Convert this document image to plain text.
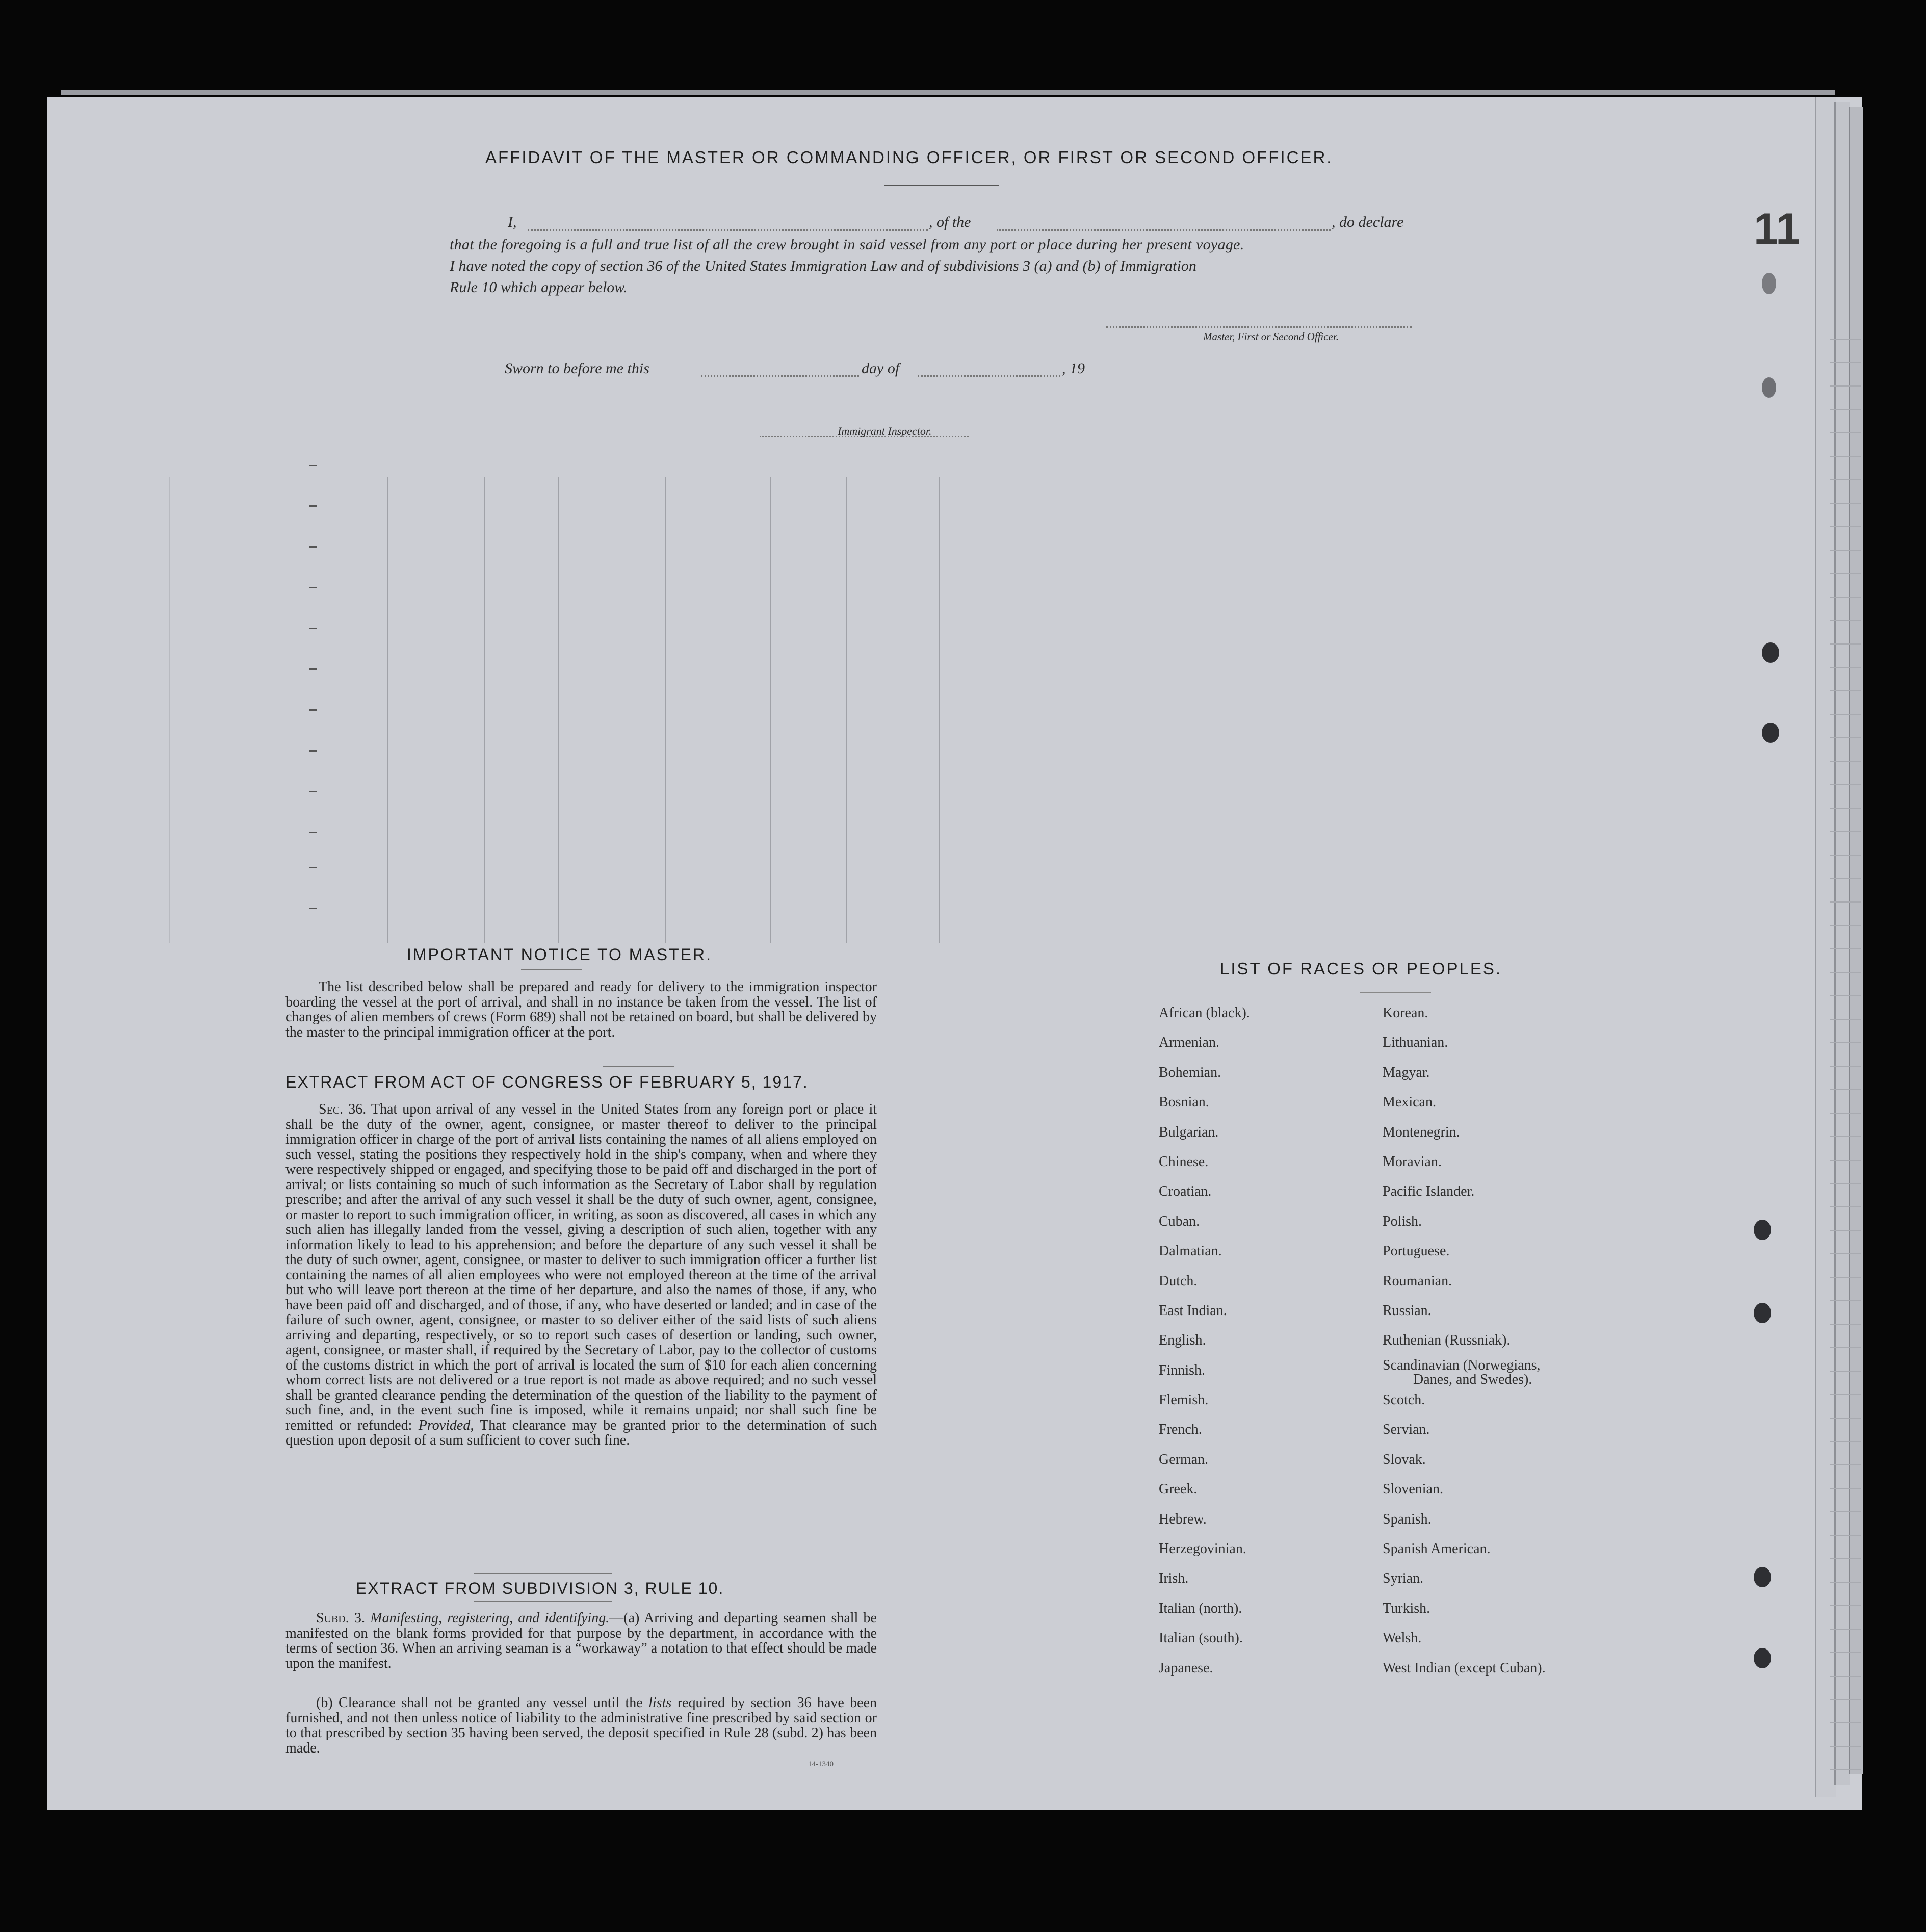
11
AFFIDAVIT OF THE MASTER OR COMMANDING OFFICER, OR FIRST OR SECOND OFFICER.
I,	, of the	, do declare
that the foregoing is a full and true list of all the crew brought in said vessel from any port or place during her present voyage.
I have noted the copy of section 36 of the United States Immigration Law and of subdivisions 3 (a) and (b) of Immigration
Rule 10 which appear below.
Master, First or Second Officer.
Sworn to before me this	day of	, 19
Immigrant Inspector.
IMPORTANT NOTICE TO MASTER.

The list described below shall be prepared and ready for delivery to the immigration inspector boarding the vessel at the port of arrival, and shall in no instance be taken from the vessel. The list of changes of alien members of crews (Form 689) shall not be retained on board, but shall be delivered by the master to the principal immigration officer at the port.

EXTRACT FROM ACT OF CONGRESS OF FEBRUARY 5, 1917.

Sec. 36. That upon arrival of any vessel in the United States from any foreign port or place it shall be the duty of the owner, agent, consignee, or master thereof to deliver to the principal immigration officer in charge of the port of arrival lists containing the names of all aliens employed on such vessel, stating the positions they respectively hold in the ship's company, when and where they were respectively shipped or engaged, and specifying those to be paid off and discharged in the port of arrival; or lists containing so much of such information as the Secretary of Labor shall by regulation prescribe; and after the arrival of any such vessel it shall be the duty of such owner, agent, consignee, or master to report to such immigration officer, in writing, as soon as discovered, all cases in which any such alien has illegally landed from the vessel, giving a description of such alien, together with any information likely to lead to his apprehension; and before the departure of any such vessel it shall be the duty of such owner, agent, consignee, or master to deliver to such immigration officer a further list containing the names of all alien employees who were not employed thereon at the time of the arrival but who will leave port thereon at the time of her departure, and also the names of those, if any, who have been paid off and discharged, and of those, if any, who have deserted or landed; and in case of the failure of such owner, agent, consignee, or master to so deliver either of the said lists of such aliens arriving and departing, respectively, or so to report such cases of desertion or landing, such owner, agent, consignee, or master shall, if required by the Secretary of Labor, pay to the collector of customs of the customs district in which the port of arrival is located the sum of $10 for each alien concerning whom correct lists are not delivered or a true report is not made as above required; and no such vessel shall be granted clearance pending the determination of the question of the liability to the payment of such fine, and, in the event such fine is imposed, while it remains unpaid; nor shall such fine be remitted or refunded: Provided, That clearance may be granted prior to the determination of such question upon deposit of a sum sufficient to cover such fine.

EXTRACT FROM SUBDIVISION 3, RULE 10.

Subd. 3. Manifesting, registering, and identifying.—(a) Arriving and departing seamen shall be manifested on the blank forms provided for that purpose by the department, in accordance with the terms of section 36. When an arriving seaman is a “workaway” a notation to that effect should be made upon the manifest.

(b) Clearance shall not be granted any vessel until the lists required by section 36 have been furnished, and not then unless notice of liability to the administrative fine prescribed by said section or to that prescribed by section 35 having been served, the deposit specified in Rule 28 (subd. 2) has been made.

14-1340
LIST OF RACES OR PEOPLES.
African (black).
Armenian.
Bohemian.
Bosnian.
Bulgarian.
Chinese.
Croatian.
Cuban.
Dalmatian.
Dutch.
East Indian.
English.
Finnish.
Flemish.
French.
German.
Greek.
Hebrew.
Herzegovinian.
Irish.
Italian (north).
Italian (south).
Japanese.
Korean.
Lithuanian.
Magyar.
Mexican.
Montenegrin.
Moravian.
Pacific Islander.
Polish.
Portuguese.
Roumanian.
Russian.
Ruthenian (Russniak).
Scandinavian (Norwegians,
Danes, and Swedes).
Scotch.
Servian.
Slovak.
Slovenian.
Spanish.
Spanish American.
Syrian.
Turkish.
Welsh.
West Indian (except Cuban).
